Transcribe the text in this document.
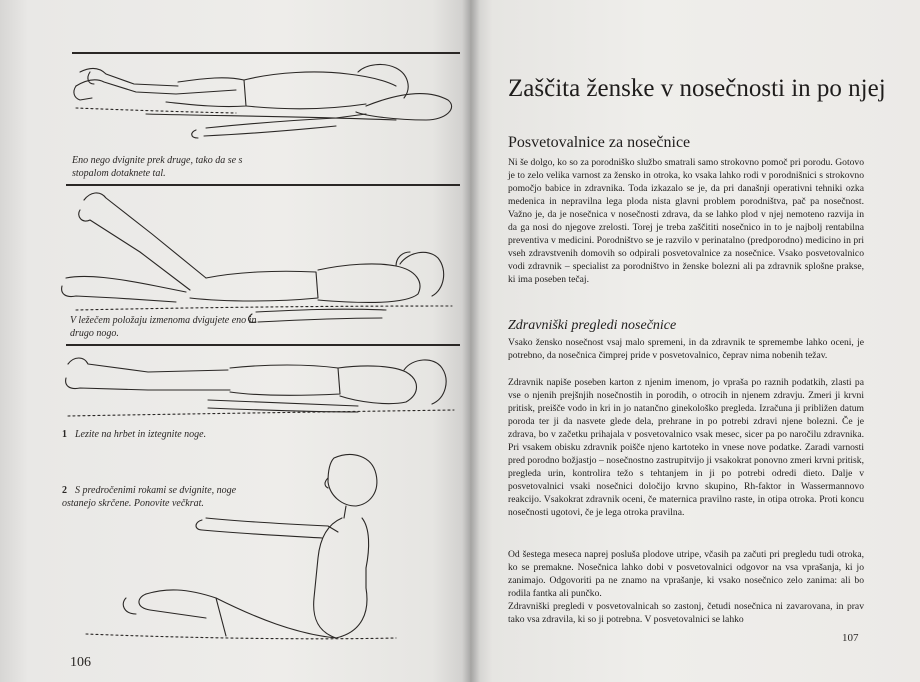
Eno nego dvignite prek druge, tako da se s stopalom dotaknete tal.
V ležečem položaju izmenoma dvigujete eno in drugo nogo.
1 Lezite na hrbet in iztegnite noge.
2 S predročenimi rokami se dvignite, noge ostanejo skrčene. Ponovite večkrat.
106
Zaščita ženske v nosečnosti in po njej
Posvetovalnice za nosečnice
Ni še dolgo, ko so za porodniško službo smatrali samo strokovno pomoč pri porodu. Gotovo je to zelo velika varnost za žensko in otroka, ko vsaka lahko rodi v porodnišnici s strokovno pomočjo babice in zdravnika. Toda izkazalo se je, da pri današnji operativni tehniki ozka medenica in nepravilna lega ploda nista glavni problem porodništva, pač pa nosečnost. Važno je, da je nosečnica v nosečnosti zdrava, da se lahko plod v njej nemoteno razvija in da ga nosi do njegove zrelosti. Torej je treba zaščititi nosečnico in to je najbolj rentabilna preventiva v medicini. Porodništvo se je razvilo v perinatalno (predporodno) medicino in pri vseh zdravstvenih domovih so odpirali posvetovalnice za nosečnice. Vsako posvetovalnico vodi zdravnik – specialist za porodništvo in ženske bolezni ali pa zdravnik splošne prakse, ki ima poseben tečaj.
Zdravniški pregledi nosečnice
Vsako žensko nosečnost vsaj malo spremeni, in da zdravnik te spremembe lahko oceni, je potrebno, da nosečnica čimprej pride v posvetovalnico, čeprav nima nobenih težav.
Zdravnik napiše poseben karton z njenim imenom, jo vpraša po raznih podatkih, zlasti pa vse o njenih prejšnjih nosečnostih in porodih, o otrocih in njenem zdravju. Zmeri ji krvni pritisk, preišče vodo in kri in jo natančno ginekološko pregleda. Izračuna ji približen datum poroda ter ji da nasvete glede dela, prehrane in po potrebi zdravi njene bolezni. Če je zdrava, bo v začetku prihajala v posvetovalnico vsak mesec, sicer pa po naročilu zdravnika. Pri vsakem obisku zdravnik poišče njeno kartoteko in vnese nove podatke. Zaradi varnosti pred porodno božjastjo – nosečnostno zastrupitvijo ji vsakokrat ponovno zmeri krvni pritisk, pregleda urin, kontrolira težo s tehtanjem in ji po potrebi odredi dieto. Dalje v posvetovalnici vsaki nosečnici določijo krvno skupino, Rh-faktor in Wassermannovo reakcijo. Vsakokrat zdravnik oceni, če maternica pravilno raste, in otipa otroka. Proti koncu nosečnosti ugotovi, če je lega otroka pravilna.
Od šestega meseca naprej posluša plodove utripe, včasih pa začuti pri pregledu tudi otroka, ko se premakne. Nosečnica lahko dobi v posvetovalnici odgovor na vsa vprašanja, ki jo zanimajo. Odgovoriti pa ne znamo na vprašanje, ki vsako nosečnico zelo zanima: ali bo rodila fantka ali punčko.
Zdravniški pregledi v posvetovalnicah so zastonj, četudi nosečnica ni zavarovana, in prav tako vsa zdravila, ki so ji potrebna. V posvetovalnici se lahko
107
